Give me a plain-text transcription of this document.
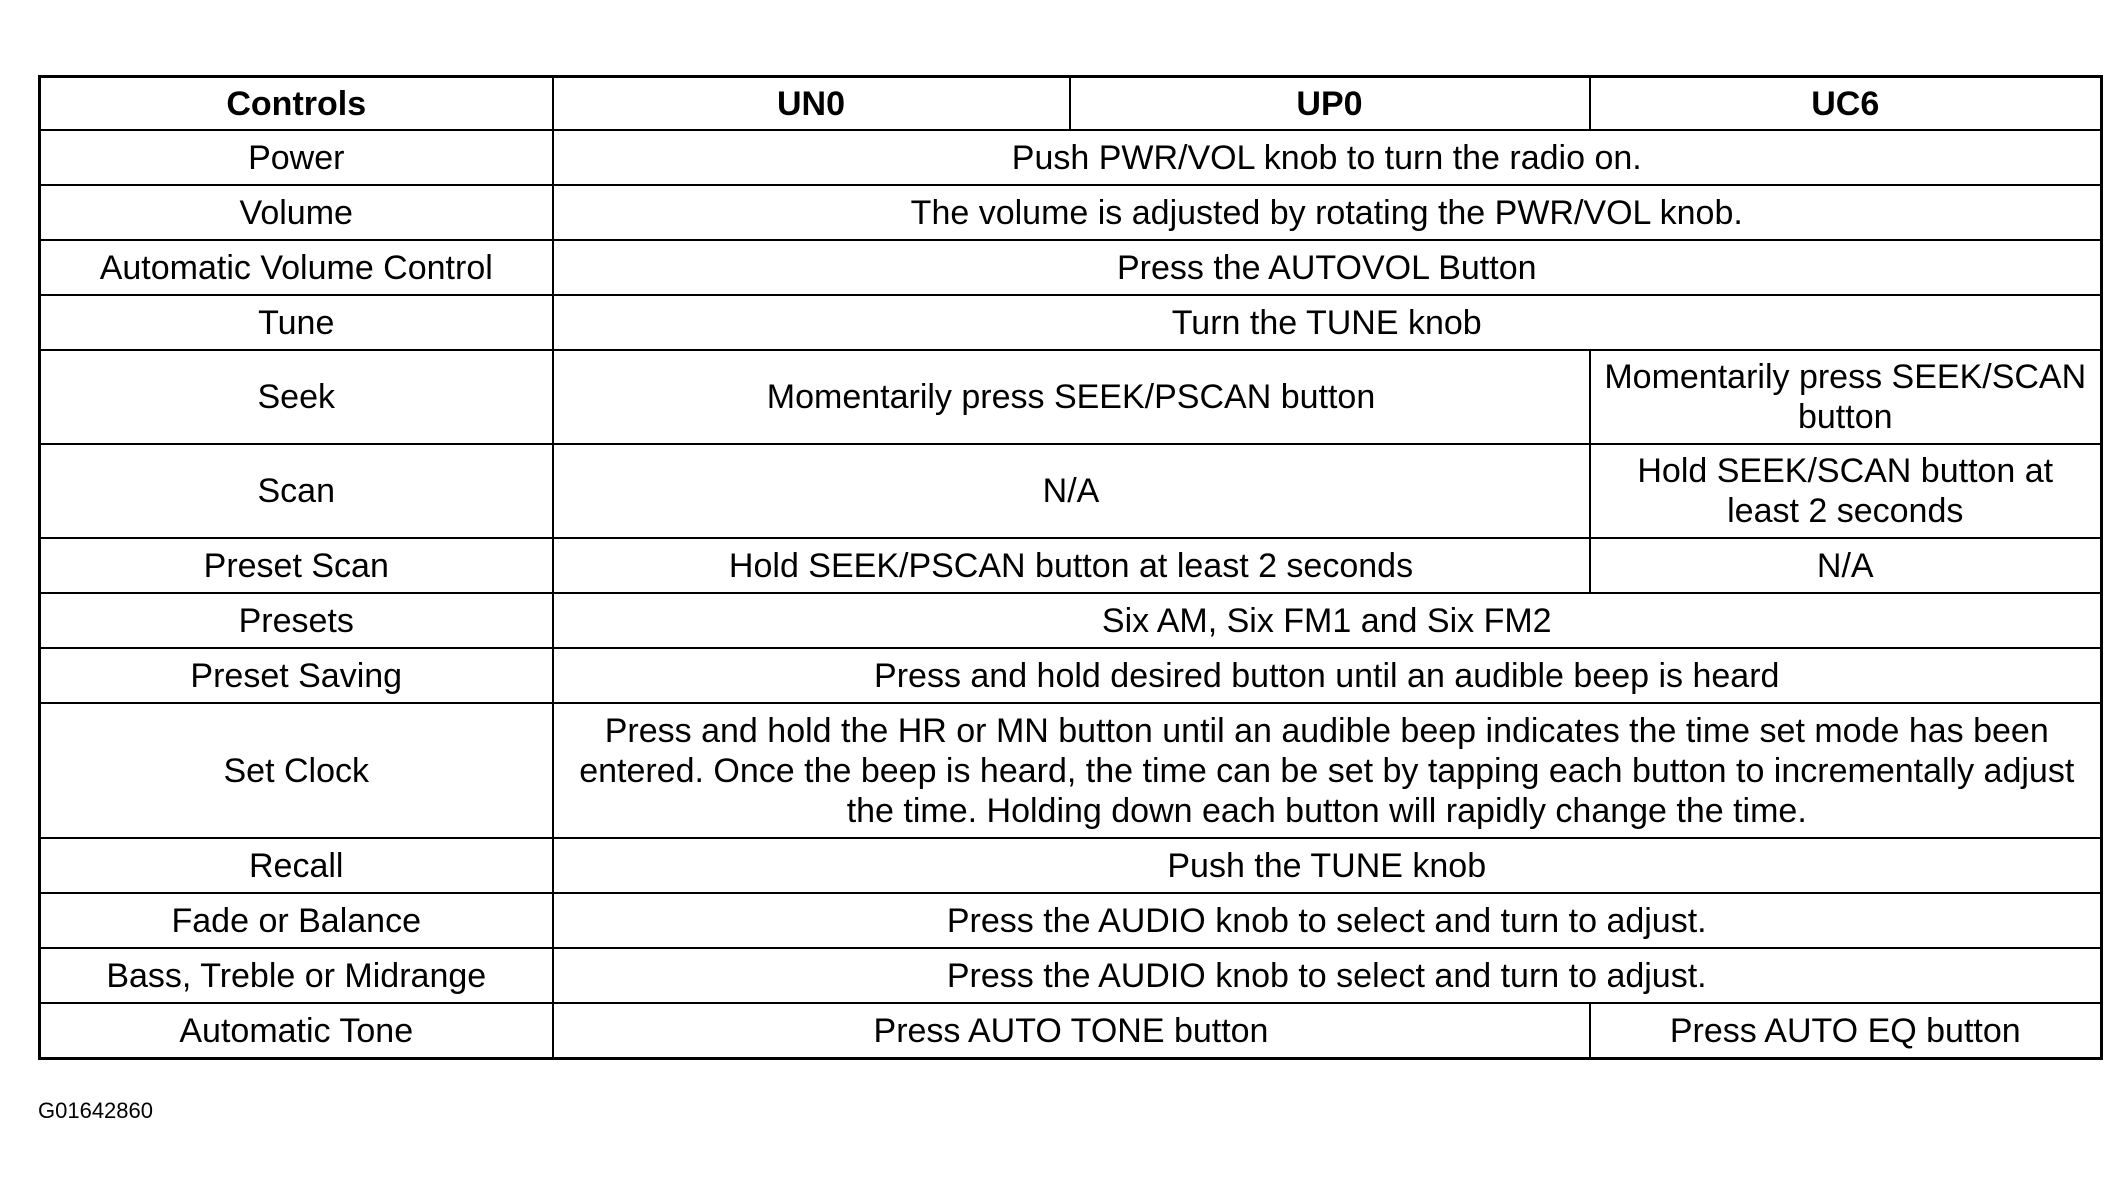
Controls	UN0	UP0	UC6
Power	Push PWR/VOL knob to turn the radio on.		
Volume	The volume is adjusted by rotating the PWR/VOL knob.		
Automatic Volume Control	Press the AUTOVOL Button		
Tune	Turn the TUNE knob		
Seek	Momentarily press SEEK/PSCAN button		Momentarily press SEEK/SCAN button
Scan	N/A		Hold SEEK/SCAN button at least 2 seconds
Preset Scan	Hold SEEK/PSCAN button at least 2 seconds		N/A
Presets	Six AM, Six FM1 and Six FM2		
Preset Saving	Press and hold desired button until an audible beep is heard		
Set Clock	Press and hold the HR or MN button until an audible beep indicates the time set mode has been entered. Once the beep is heard, the time can be set by tapping each button to incrementally adjust the time. Holding down each button will rapidly change the time.		
Recall	Push the TUNE knob		
Fade or Balance	Press the AUDIO knob to select and turn to adjust.		
Bass, Treble or Midrange	Press the AUDIO knob to select and turn to adjust.		
Automatic Tone	Press AUTO TONE button		Press AUTO EQ button
G01642860
